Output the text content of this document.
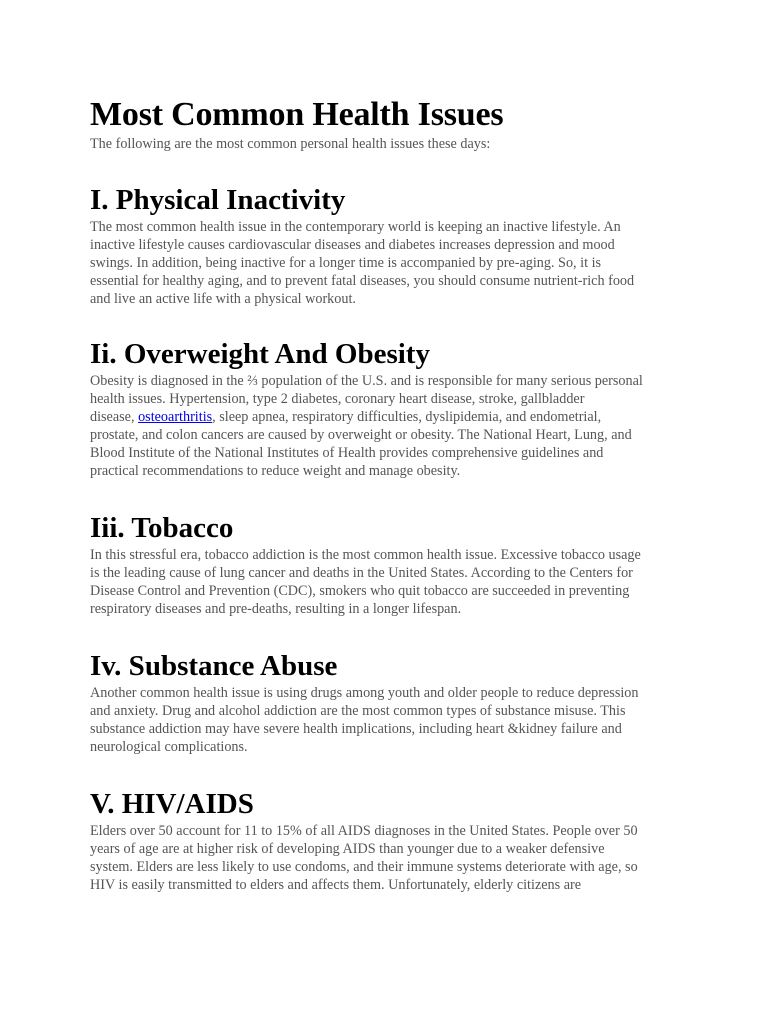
Most Common Health Issues
The following are the most common personal health issues these days:
I. Physical Inactivity
The most common health issue in the contemporary world is keeping an inactive lifestyle. An
inactive lifestyle causes cardiovascular diseases and diabetes increases depression and mood
swings. In addition, being inactive for a longer time is accompanied by pre-aging. So, it is
essential for healthy aging, and to prevent fatal diseases, you should consume nutrient-rich food
and live an active life with a physical workout.
Ii. Overweight And Obesity
Obesity is diagnosed in the ⅔ population of the U.S. and is responsible for many serious personal
health issues. Hypertension, type 2 diabetes, coronary heart disease, stroke, gallbladder
disease, osteoarthritis, sleep apnea, respiratory difficulties, dyslipidemia, and endometrial,
prostate, and colon cancers are caused by overweight or obesity. The National Heart, Lung, and
Blood Institute of the National Institutes of Health provides comprehensive guidelines and
practical recommendations to reduce weight and manage obesity.
Iii. Tobacco
In this stressful era, tobacco addiction is the most common health issue. Excessive tobacco usage
is the leading cause of lung cancer and deaths in the United States. According to the Centers for
Disease Control and Prevention (CDC), smokers who quit tobacco are succeeded in preventing
respiratory diseases and pre-deaths, resulting in a longer lifespan.
Iv. Substance Abuse
Another common health issue is using drugs among youth and older people to reduce depression
and anxiety. Drug and alcohol addiction are the most common types of substance misuse. This
substance addiction may have severe health implications, including heart &kidney failure and
neurological complications.
V. HIV/AIDS
Elders over 50 account for 11 to 15% of all AIDS diagnoses in the United States. People over 50
years of age are at higher risk of developing AIDS than younger due to a weaker defensive
system. Elders are less likely to use condoms, and their immune systems deteriorate with age, so
HIV is easily transmitted to elders and affects them. Unfortunately, elderly citizens are
